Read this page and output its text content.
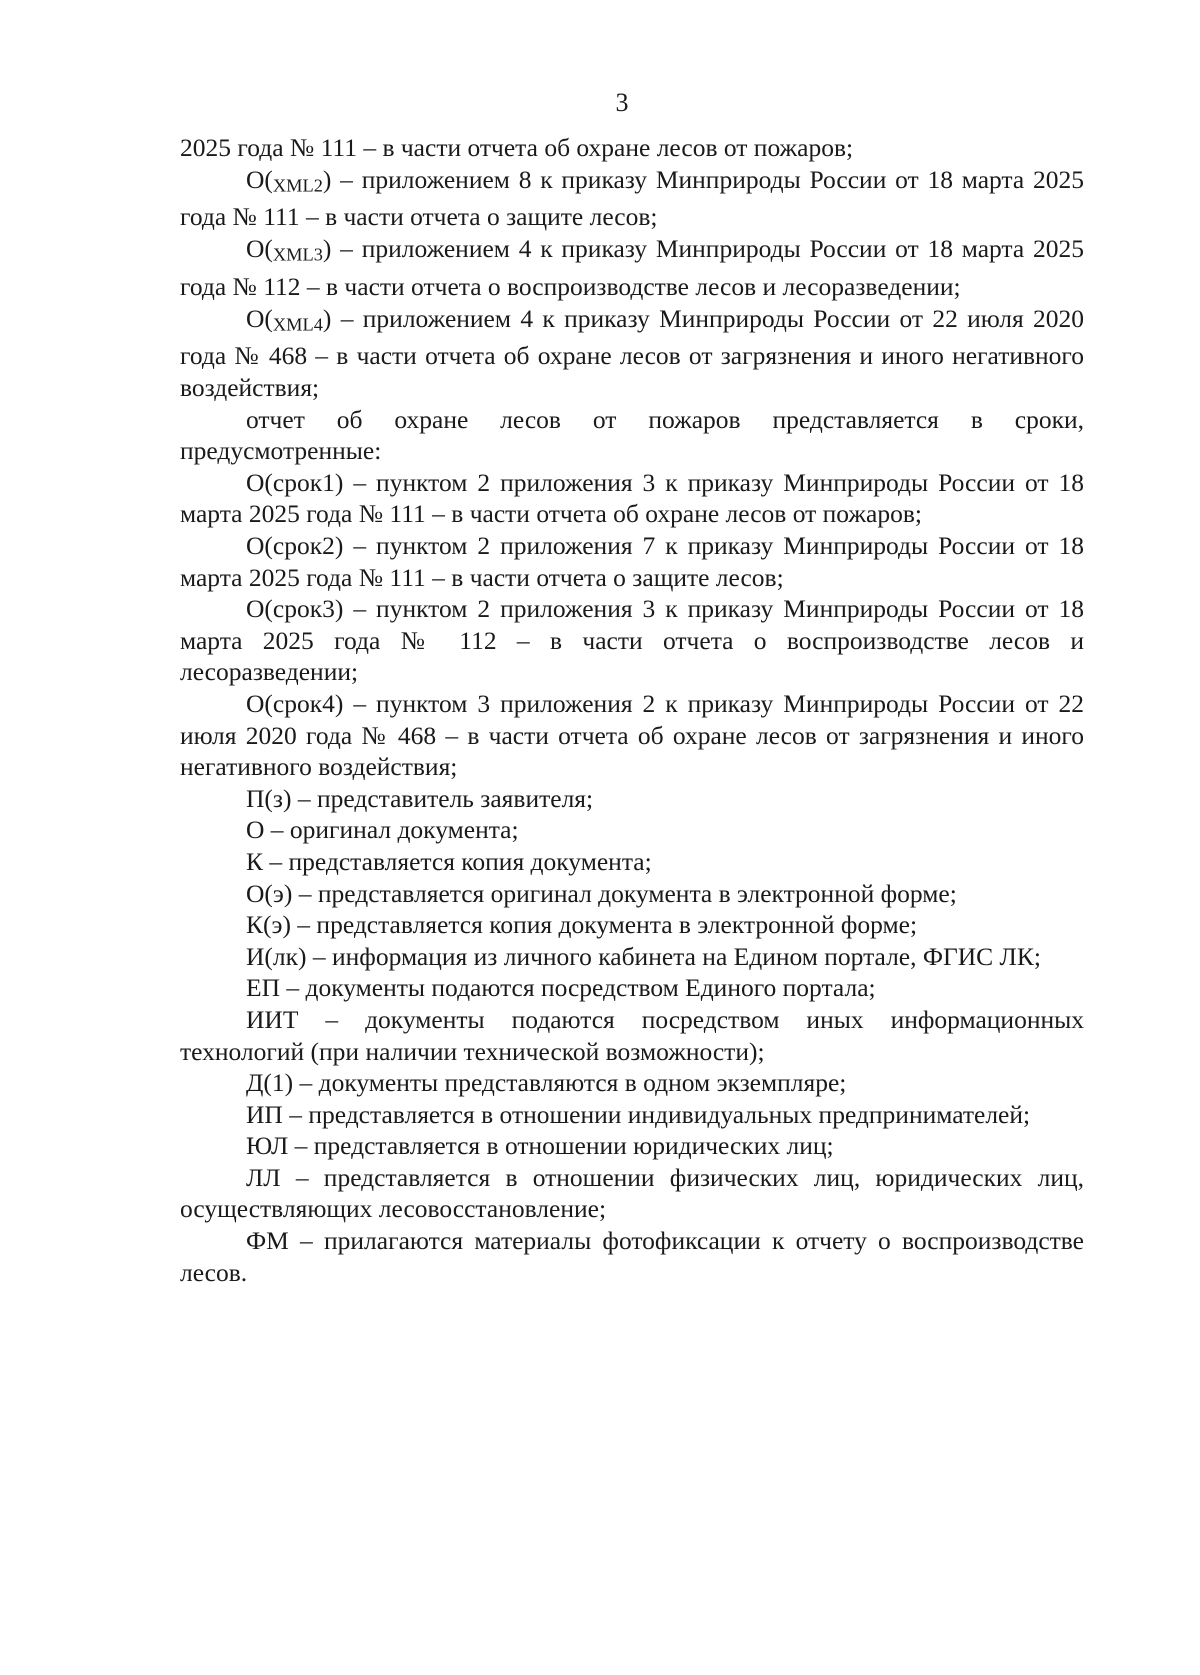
3

2025 года № 111 – в части отчета об охране лесов от пожаров;

О(XML2) – приложением 8 к приказу Минприроды России от 18 марта 2025 года № 111 – в части отчета о защите лесов;

О(XML3) – приложением 4 к приказу Минприроды России от 18 марта 2025 года № 112 – в части отчета о воспроизводстве лесов и лесоразведении;

О(XML4) – приложением 4 к приказу Минприроды России от 22 июля 2020 года № 468 – в части отчета об охране лесов от загрязнения и иного негативного воздействия;

отчет об охране лесов от пожаров представляется в сроки, предусмотренные:

О(срок1) – пунктом 2 приложения 3 к приказу Минприроды России от 18 марта 2025 года № 111 – в части отчета об охране лесов от пожаров;

О(срок2) – пунктом 2 приложения 7 к приказу Минприроды России от 18 марта 2025 года № 111 – в части отчета о защите лесов;

О(срок3) – пунктом 2 приложения 3 к приказу Минприроды России от 18 марта 2025 года № 112 – в части отчета о воспроизводстве лесов и лесоразведении;

О(срок4) – пунктом 3 приложения 2 к приказу Минприроды России от 22 июля 2020 года № 468 – в части отчета об охране лесов от загрязнения и иного негативного воздействия;

П(з) – представитель заявителя;

О – оригинал документа;

К – представляется копия документа;

О(э) – представляется оригинал документа в электронной форме;

К(э) – представляется копия документа в электронной форме;

И(лк) – информация из личного кабинета на Едином портале, ФГИС ЛК;

ЕП – документы подаются посредством Единого портала;

ИИТ – документы подаются посредством иных информационных технологий (при наличии технической возможности);

Д(1) – документы представляются в одном экземпляре;

ИП – представляется в отношении индивидуальных предпринимателей;

ЮЛ – представляется в отношении юридических лиц;

ЛЛ – представляется в отношении физических лиц, юридических лиц, осуществляющих лесовосстановление;

ФМ – прилагаются материалы фотофиксации к отчету о воспроизводстве лесов.
